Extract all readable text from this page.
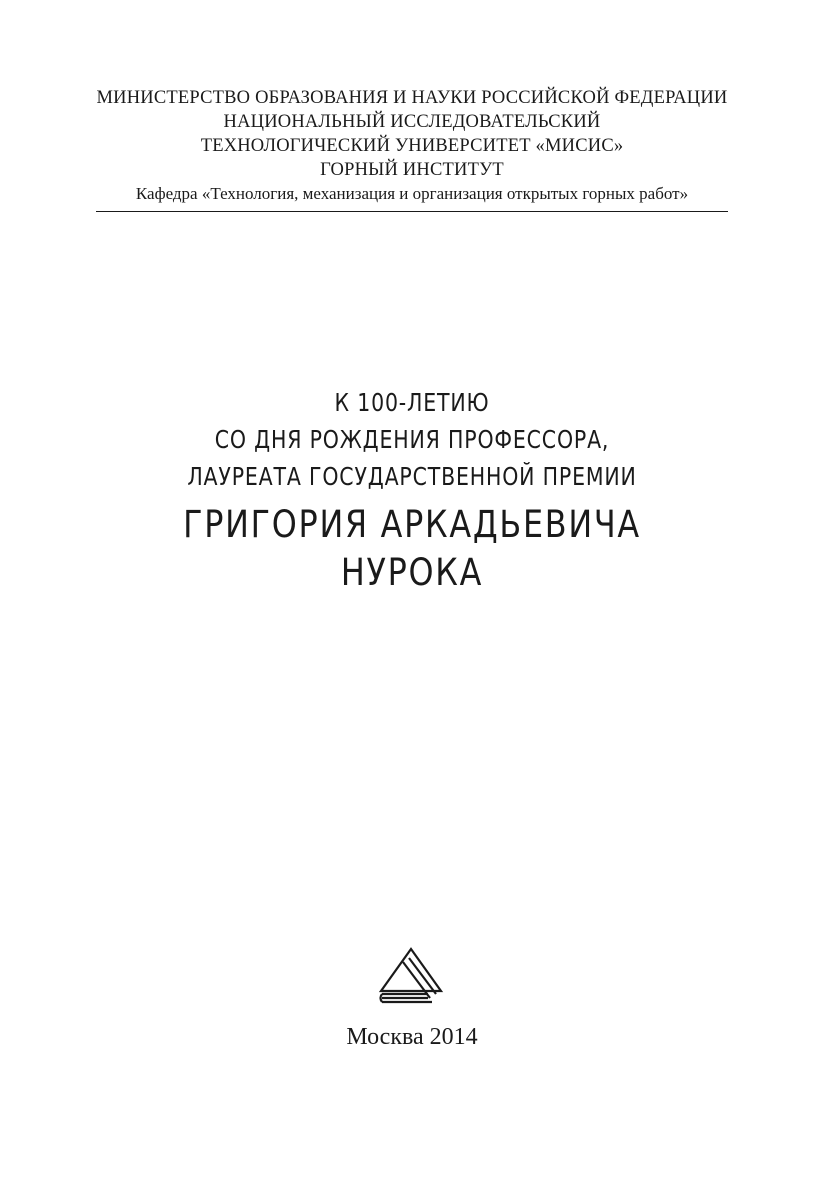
МИНИСТЕРСТВО ОБРАЗОВАНИЯ И НАУКИ РОССИЙСКОЙ ФЕДЕРАЦИИ
НАЦИОНАЛЬНЫЙ ИССЛЕДОВАТЕЛЬСКИЙ
ТЕХНОЛОГИЧЕСКИЙ УНИВЕРСИТЕТ «МИСИС»
ГОРНЫЙ ИНСТИТУТ
Кафедра «Технология, механизация и организация открытых горных работ»
К 100-ЛЕТИЮ
СО ДНЯ РОЖДЕНИЯ ПРОФЕССОРА,
ЛАУРЕАТА ГОСУДАРСТВЕННОЙ ПРЕМИИ
ГРИГОРИЯ АРКАДЬЕВИЧА
НУРОКА
Москва 2014
